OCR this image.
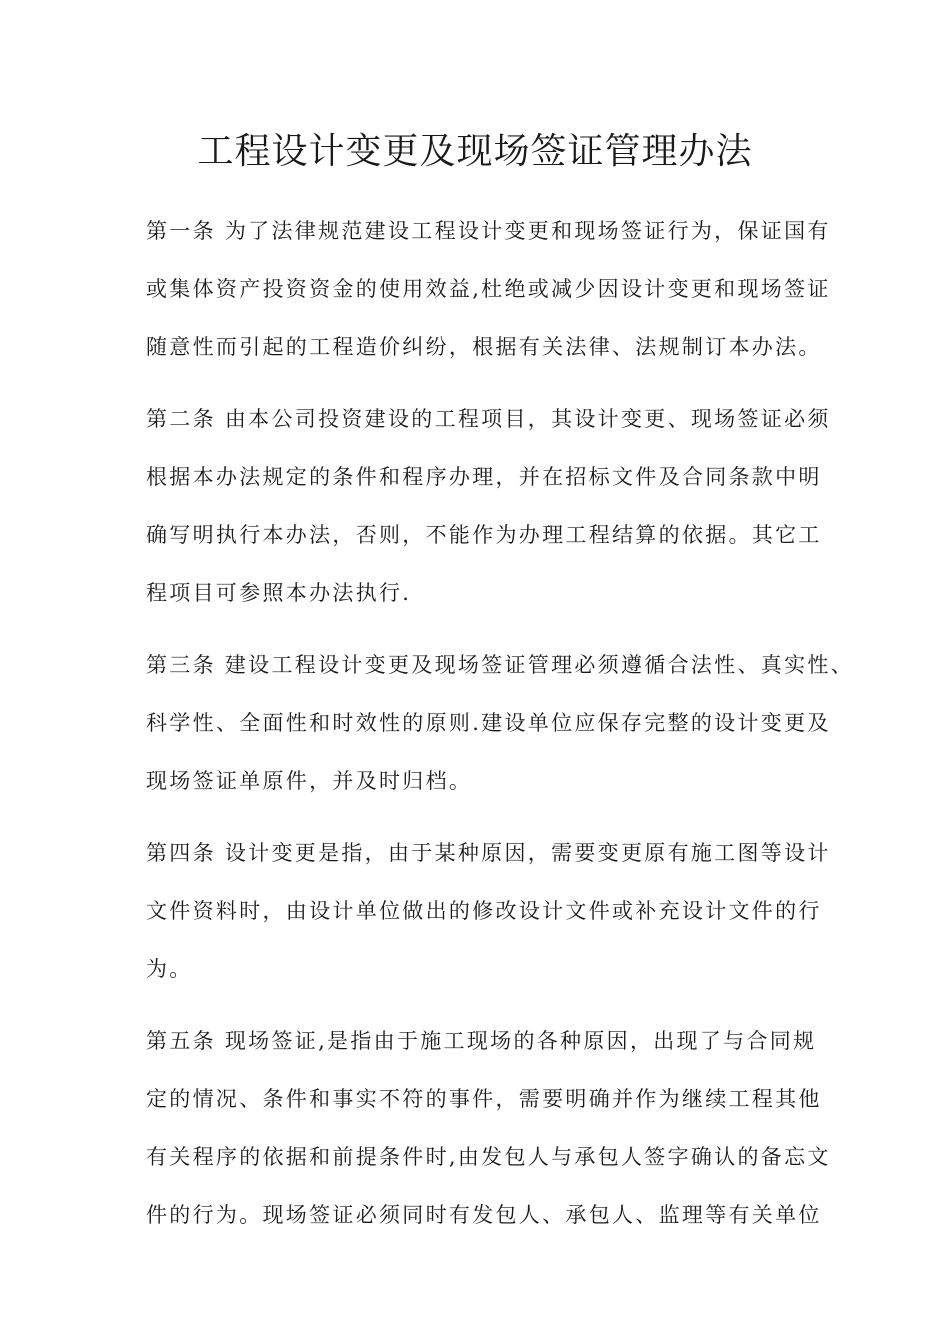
工程设计变更及现场签证管理办法
第一条 为了法律规范建设工程设计变更和现场签证行为，保证国有
或集体资产投资资金的使用效益,杜绝或减少因设计变更和现场签证
随意性而引起的工程造价纠纷，根据有关法律、法规制订本办法。
第二条 由本公司投资建设的工程项目，其设计变更、现场签证必须
根据本办法规定的条件和程序办理，并在招标文件及合同条款中明
确写明执行本办法，否则，不能作为办理工程结算的依据。其它工
程项目可参照本办法执行.
第三条 建设工程设计变更及现场签证管理必须遵循合法性、真实性、
科学性、全面性和时效性的原则.建设单位应保存完整的设计变更及
现场签证单原件，并及时归档。
第四条 设计变更是指，由于某种原因，需要变更原有施工图等设计
文件资料时，由设计单位做出的修改设计文件或补充设计文件的行
为。
第五条 现场签证,是指由于施工现场的各种原因，出现了与合同规
定的情况、条件和事实不符的事件，需要明确并作为继续工程其他
有关程序的依据和前提条件时,由发包人与承包人签字确认的备忘文
件的行为。现场签证必须同时有发包人、承包人、监理等有关单位
